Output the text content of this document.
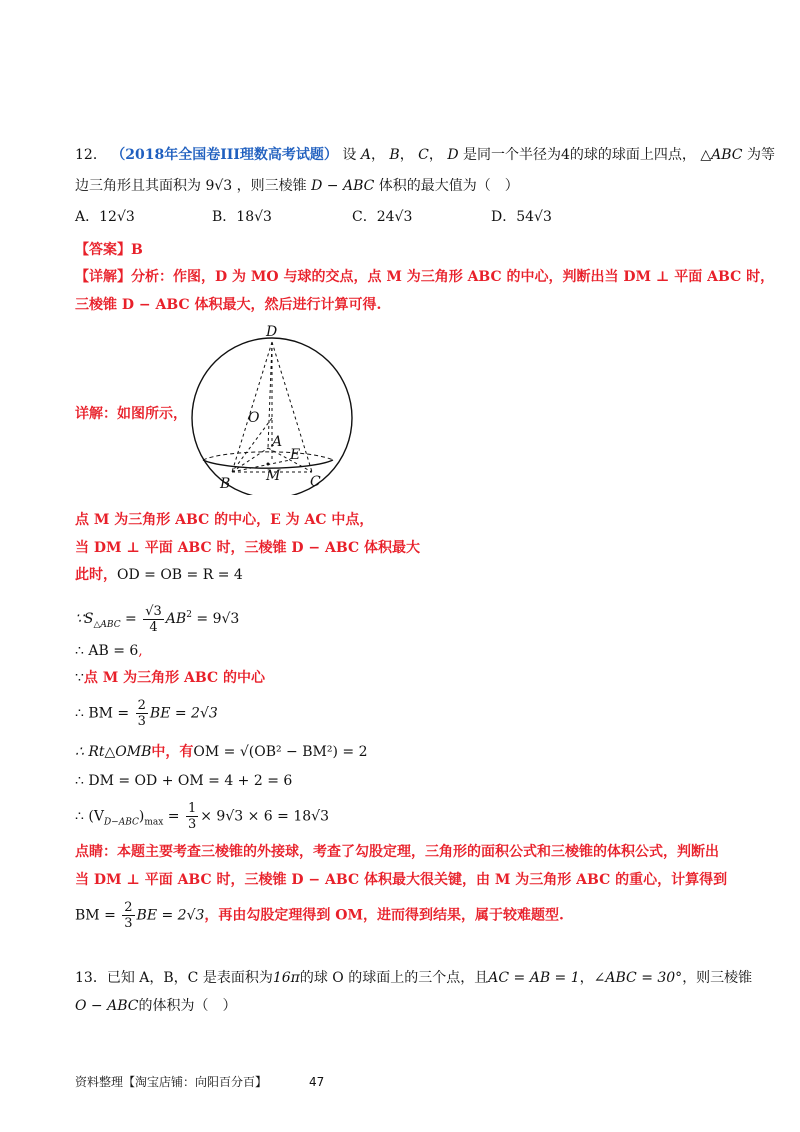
12． （2018年全国卷III理数高考试题） 设 A， B， C， D 是同一个半径为4的球的球面上四点， △ABC 为等
边三角形且其面积为 9√3 ，则三棱锥 D − ABC 体积的最大值为（　）
A．12√3	B．18√3	C．24√3	D．54√3
【答案】B
【详解】分析：作图，D 为 MO 与球的交点，点 M 为三角形 ABC 的中心，判断出当 DM ⊥ 平面 ABC 时，
三棱锥 D − ABC 体积最大，然后进行计算可得.
详解：如图所示，
D
O
A
E
B	M C
点 M 为三角形 ABC 的中心，E 为 AC 中点，
当 DM ⊥ 平面 ABC 时，三棱锥 D − ABC 体积最大
此时，OD = OB = R = 4
$\because S_{\triangle ABC} = \frac{√3}{4} AB^2 = 9√3$
∴ AB = 6,
∵点 M 为三角形 ABC 的中心
∴ BM = $\frac{2}{3}$ BE = 2√3
∴ Rt△OMB中，有OM = √(OB² − BM²) = 2
∴ DM = OD + OM = 4 + 2 = 6
∴ $(V_{D-ABC})_{max} = \frac{1}{3} \times 9√3 \times 6 = 18√3$
点睛：本题主要考查三棱锥的外接球，考查了勾股定理，三角形的面积公式和三棱锥的体积公式，判断出
当 DM ⊥ 平面 ABC 时，三棱锥 D − ABC 体积最大很关键，由 M 为三角形 ABC 的重心，计算得到
BM = $\frac{2}{3}$ BE = 2√3，再由勾股定理得到 OM，进而得到结果，属于较难题型.
13．已知 A，B，C 是表面积为16π的球 O 的球面上的三个点，且AC = AB = 1，∠ABC = 30°，则三棱锥
O − ABC的体积为（　）
资料整理【淘宝店铺：向阳百分百】	47
